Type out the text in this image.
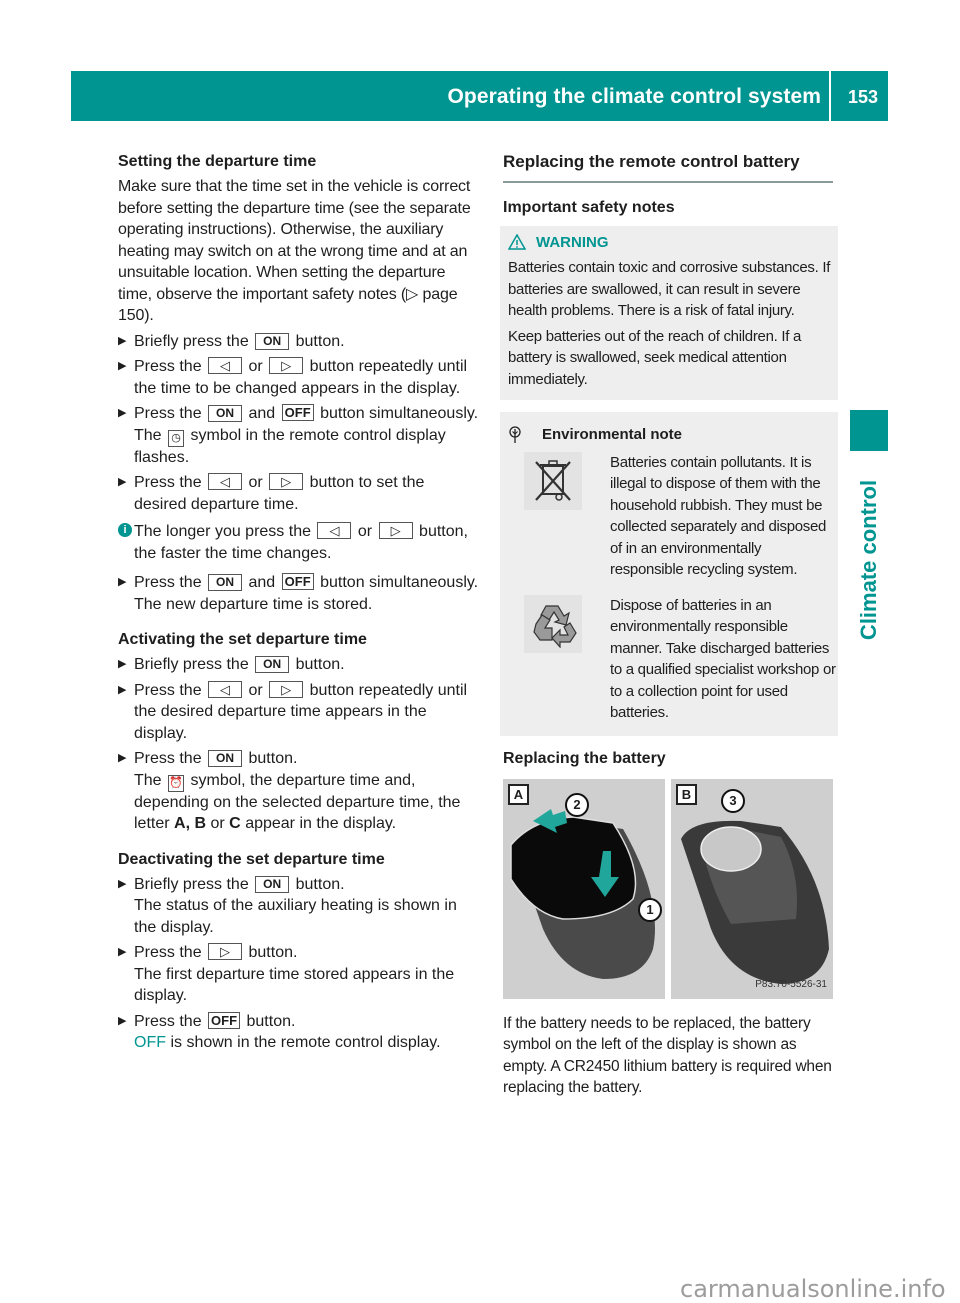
Operating the climate control system	153
Climate control
Setting the departure time

Make sure that the time set in the vehicle is correct before setting the departure time (see the separate operating instructions). Otherwise, the auxiliary heating may switch on at the wrong time and at an unsuitable location. When setting the departure time, observe the important safety notes (▷ page 150).

▶ Briefly press the ON button.
▶ Press the ◁ or ▷ button repeatedly until the time to be changed appears in the display.
▶ Press the ON and OFF button simultaneously.
The ◷ symbol in the remote control display flashes.
▶ Press the ◁ or ▷ button to set the desired departure time.
i The longer you press the ◁ or ▷ button, the faster the time changes.
▶ Press the ON and OFF button simultaneously.
The new departure time is stored.
Activating the set departure time
▶ Briefly press the ON button.
▶ Press the ◁ or ▷ button repeatedly until the desired departure time appears in the display.
▶ Press the ON button.
The ⏰ symbol, the departure time and, depending on the selected departure time, the letter A, B or C appear in the display.
Deactivating the set departure time
▶ Briefly press the ON button.
The status of the auxiliary heating is shown in the display.
▶ Press the ▷ button.
The first departure time stored appears in the display.
▶ Press the OFF button.
OFF is shown in the remote control display.
Replacing the remote control battery
Important safety notes
WARNING

Batteries contain toxic and corrosive substances. If batteries are swallowed, it can result in severe health problems. There is a risk of fatal injury.

Keep batteries out of the reach of children. If a battery is swallowed, seek medical attention immediately.

Environmental note
Batteries contain pollutants. It is illegal to dispose of them with the household rubbish. They must be collected separately and disposed of in an environmentally responsible recycling system.
Dispose of batteries in an environmentally responsible manner. Take discharged batteries to a qualified specialist workshop or to a collection point for used batteries.
Replacing the battery
A
2
1
B	3
P83.70-5526-31

If the battery needs to be replaced, the battery symbol on the left of the display is shown as empty. A CR2450 lithium battery is required when replacing the battery.

carmanualsonline.info
